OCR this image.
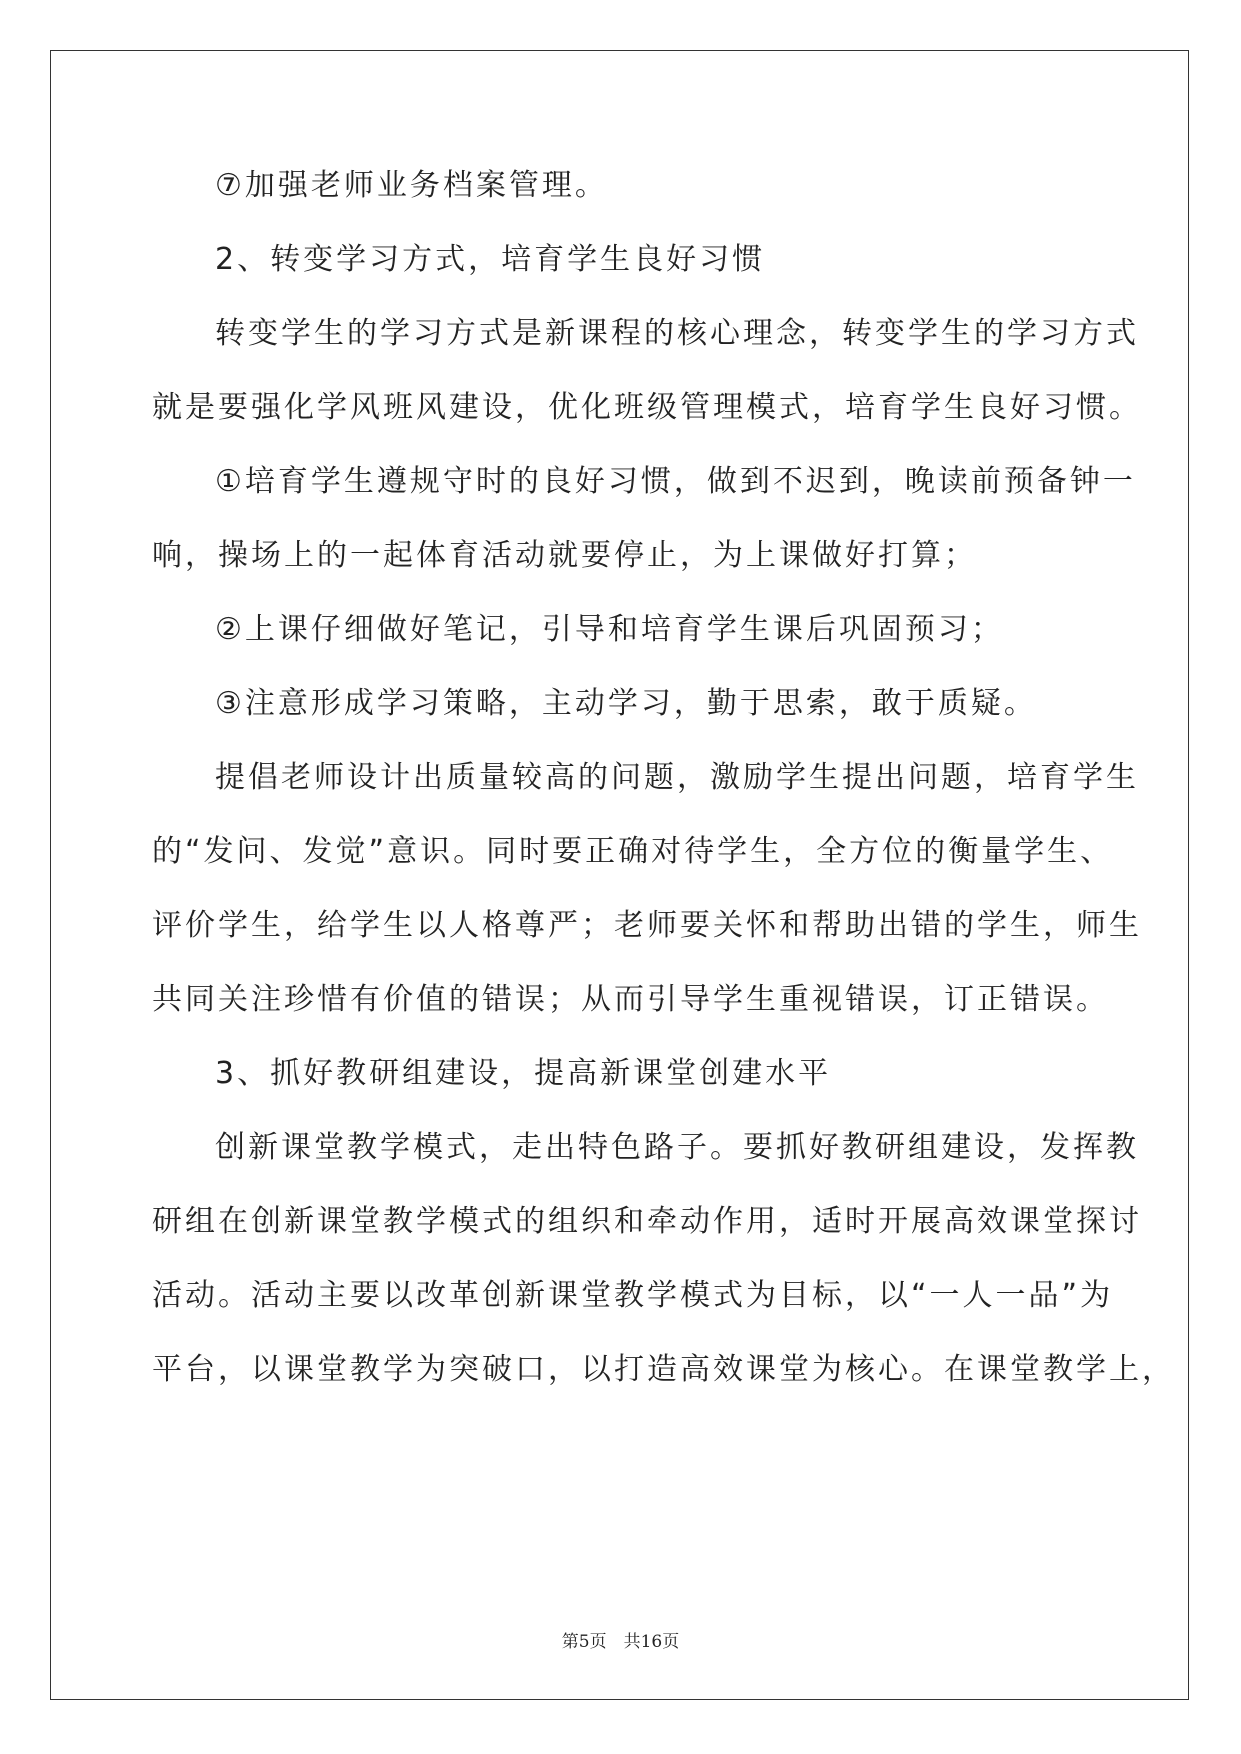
⑦加强老师业务档案管理。
2、转变学习方式，培育学生良好习惯
转变学生的学习方式是新课程的核心理念，转变学生的学习方式
就是要强化学风班风建设，优化班级管理模式，培育学生良好习惯。
①培育学生遵规守时的良好习惯，做到不迟到，晚读前预备钟一
响，操场上的一起体育活动就要停止，为上课做好打算；
②上课仔细做好笔记，引导和培育学生课后巩固预习；
③注意形成学习策略，主动学习，勤于思索，敢于质疑。
提倡老师设计出质量较高的问题，激励学生提出问题，培育学生
的“发问、发觉”意识。同时要正确对待学生，全方位的衡量学生、
评价学生，给学生以人格尊严；老师要关怀和帮助出错的学生，师生
共同关注珍惜有价值的错误；从而引导学生重视错误，订正错误。
3、抓好教研组建设，提高新课堂创建水平
创新课堂教学模式，走出特色路子。要抓好教研组建设，发挥教
研组在创新课堂教学模式的组织和牵动作用，适时开展高效课堂探讨
活动。活动主要以改革创新课堂教学模式为目标，以“一人一品”为
平台，以课堂教学为突破口，以打造高效课堂为核心。在课堂教学上，
第5页　共16页
